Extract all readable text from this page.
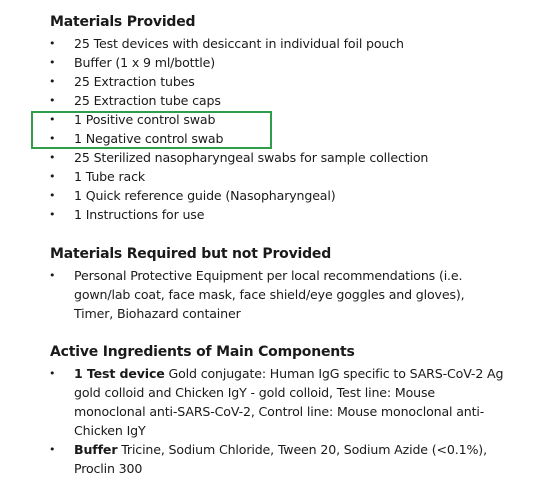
Materials Provided
• 25 Test devices with desiccant in individual foil pouch
• Buffer (1 x 9 ml/bottle)
• 25 Extraction tubes
• 25 Extraction tube caps
• 1 Positive control swab
• 1 Negative control swab
• 25 Sterilized nasopharyngeal swabs for sample collection
• 1 Tube rack
• 1 Quick reference guide (Nasopharyngeal)
• 1 Instructions for use
Materials Required but not Provided
• Personal Protective Equipment per local recommendations (i.e. gown/lab coat, face mask, face shield/eye goggles and gloves), Timer, Biohazard container
Active Ingredients of Main Components
• 1 Test device Gold conjugate: Human IgG specific to SARS-CoV-2 Ag gold colloid and Chicken IgY - gold colloid, Test line: Mouse monoclonal anti-SARS-CoV-2, Control line: Mouse monoclonal anti-Chicken IgY
• Buffer Tricine, Sodium Chloride, Tween 20, Sodium Azide (<0.1%), Proclin 300
